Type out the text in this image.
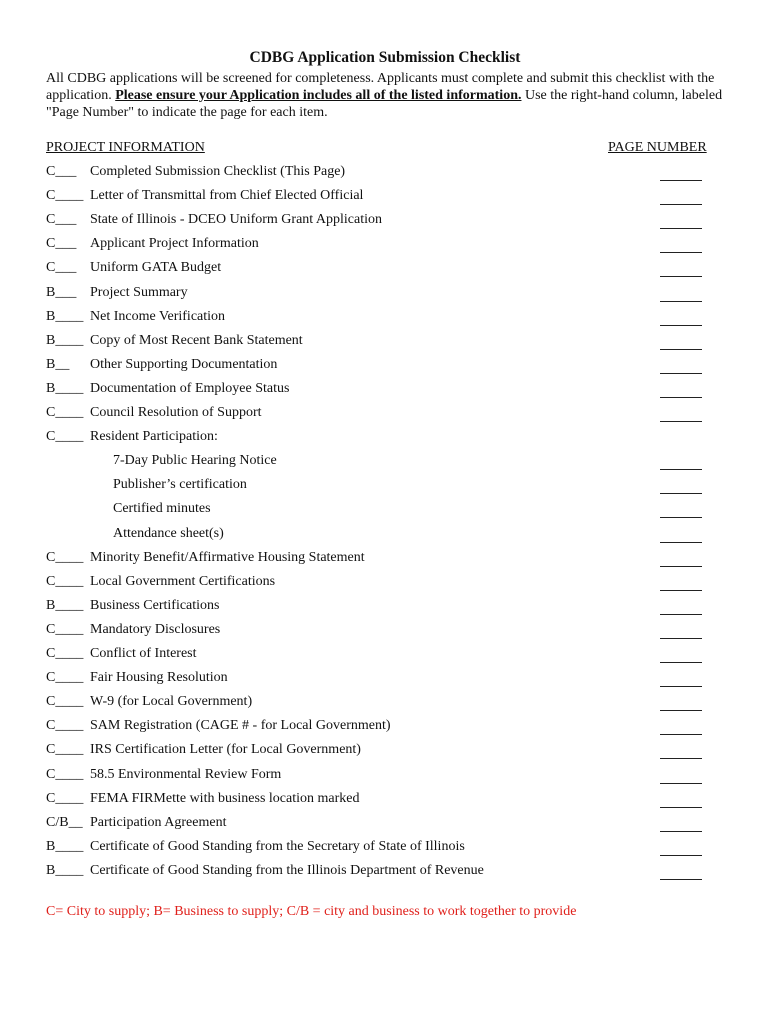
CDBG Application Submission Checklist
All CDBG applications will be screened for completeness. Applicants must complete and submit this checklist with the application. Please ensure your Application includes all of the listed information. Use the right-hand column, labeled "Page Number" to indicate the page for each item.
PROJECT INFORMATION	PAGE NUMBER
C___ Completed Submission Checklist (This Page)
C____ Letter of Transmittal from Chief Elected Official
C___ State of Illinois - DCEO Uniform Grant Application
C___ Applicant Project Information
C___ Uniform GATA Budget
B___ Project Summary
B____ Net Income Verification
B____ Copy of Most Recent Bank Statement
B__ Other Supporting Documentation
B____ Documentation of Employee Status
C____ Council Resolution of Support
C____ Resident Participation:
7-Day Public Hearing Notice
Publisher’s certification
Certified minutes
Attendance sheet(s)
C____ Minority Benefit/Affirmative Housing Statement
C____ Local Government Certifications
B____ Business Certifications
C____ Mandatory Disclosures
C____ Conflict of Interest
C____ Fair Housing Resolution
C____ W-9 (for Local Government)
C____ SAM Registration (CAGE # - for Local Government)
C____ IRS Certification Letter (for Local Government)
C____ 58.5 Environmental Review Form
C____ FEMA FIRMette with business location marked
C/B__ Participation Agreement
B____ Certificate of Good Standing from the Secretary of State of Illinois
B____ Certificate of Good Standing from the Illinois Department of Revenue
C= City to supply; B= Business to supply; C/B = city and business to work together to provide
